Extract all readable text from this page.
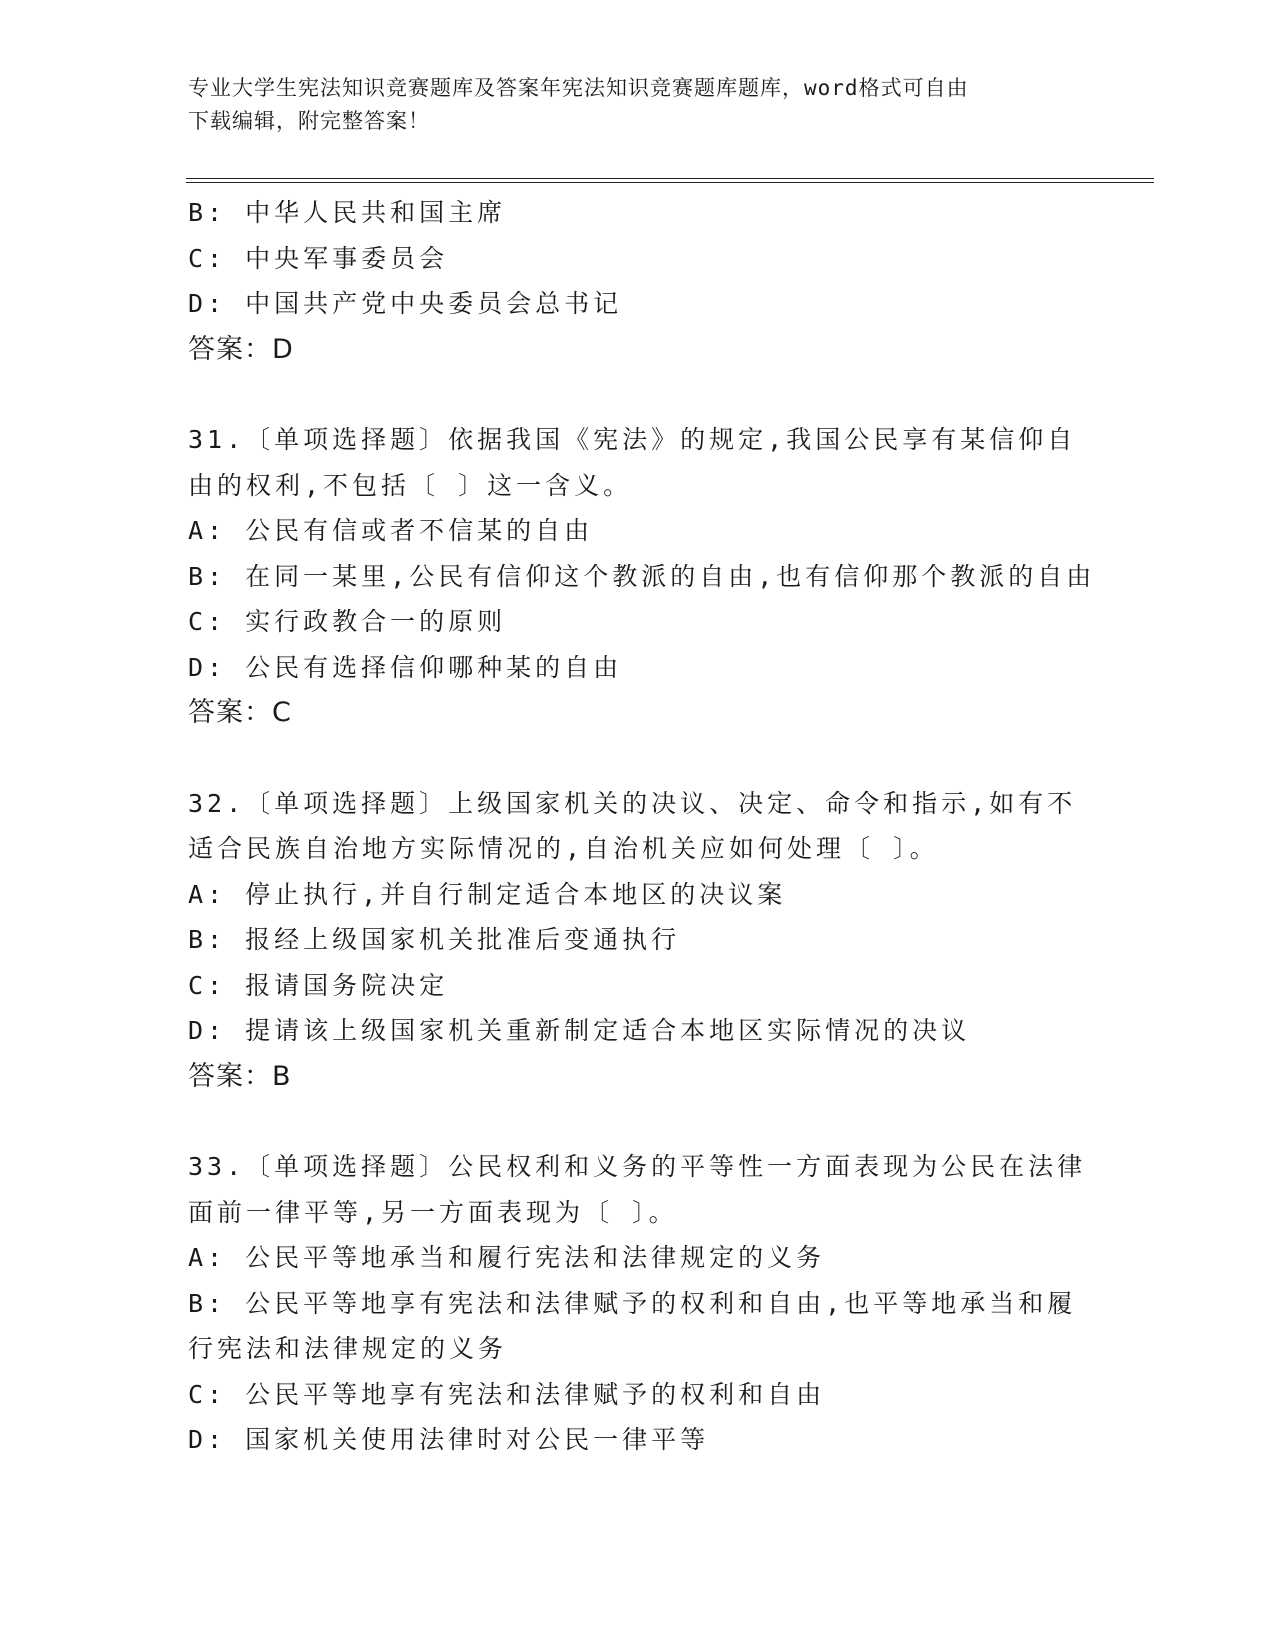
专业大学生宪法知识竞赛题库及答案年宪法知识竞赛题库题库，word格式可自由
下载编辑，附完整答案！
B: 中华人民共和国主席
C: 中央军事委员会
D: 中国共产党中央委员会总书记
答案：D
31.〔单项选择题〕依据我国《宪法》的规定,我国公民享有某信仰自
由的权利,不包括〔 〕这一含义。
A: 公民有信或者不信某的自由
B: 在同一某里,公民有信仰这个教派的自由,也有信仰那个教派的自由
C: 实行政教合一的原则
D: 公民有选择信仰哪种某的自由
答案：C
32.〔单项选择题〕上级国家机关的决议、决定、命令和指示,如有不
适合民族自治地方实际情况的,自治机关应如何处理〔 〕。
A: 停止执行,并自行制定适合本地区的决议案
B: 报经上级国家机关批准后变通执行
C: 报请国务院决定
D: 提请该上级国家机关重新制定适合本地区实际情况的决议
答案：B
33.〔单项选择题〕公民权利和义务的平等性一方面表现为公民在法律
面前一律平等,另一方面表现为〔 〕。
A: 公民平等地承当和履行宪法和法律规定的义务
B: 公民平等地享有宪法和法律赋予的权利和自由,也平等地承当和履
行宪法和法律规定的义务
C: 公民平等地享有宪法和法律赋予的权利和自由
D: 国家机关使用法律时对公民一律平等
